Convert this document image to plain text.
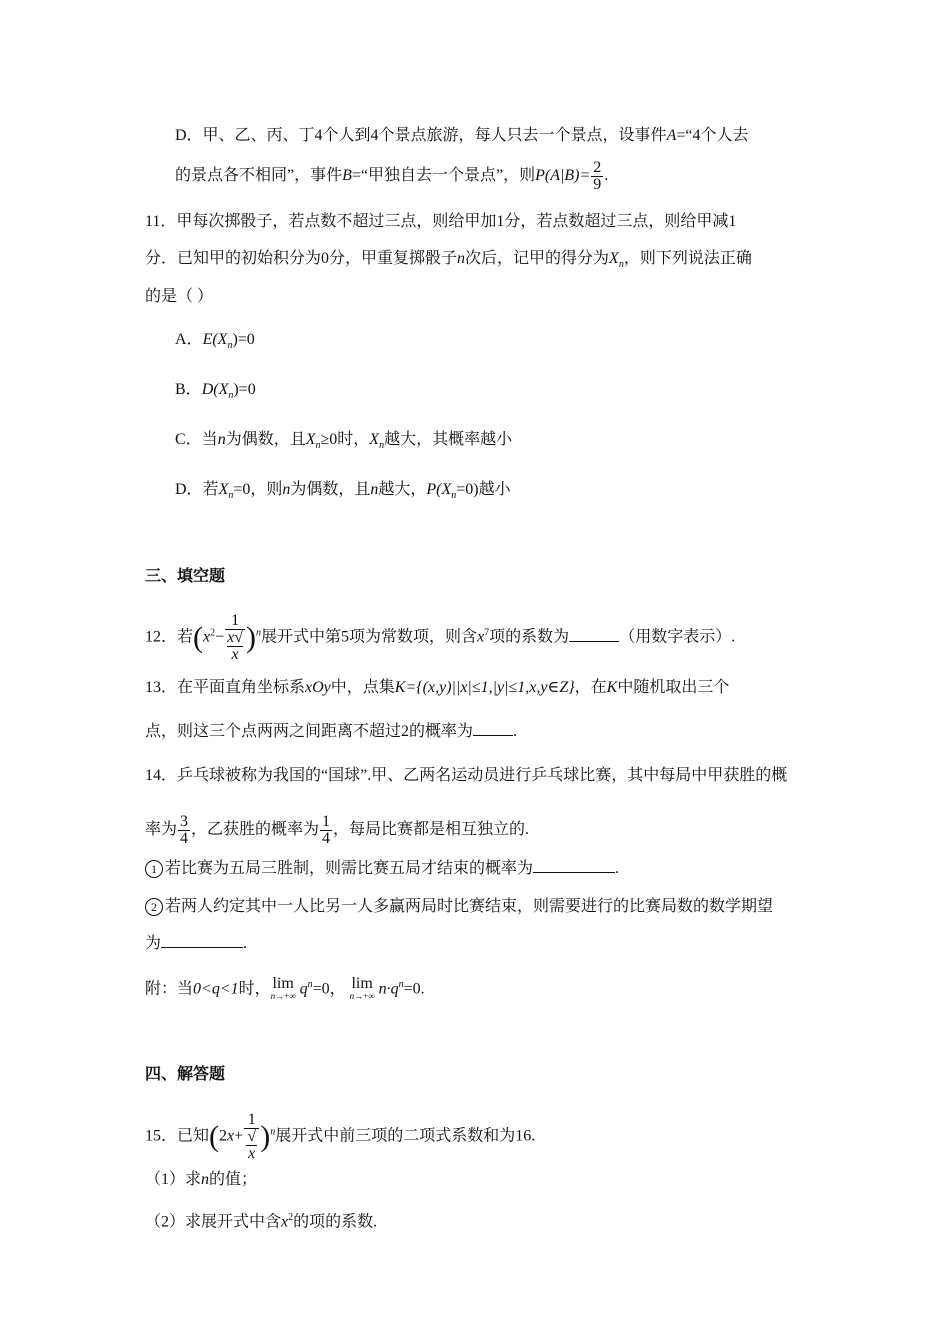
D．甲、乙、丙、丁4个人到4个景点旅游，每人只去一个景点，设事件A=“4个人去
的景点各不相同”，事件B=“甲独自去一个景点”，则$P(A|B)= \frac{2}{9}$ .
11．甲每次掷骰子，若点数不超过三点，则给甲加1分，若点数超过三点，则给甲减1
分．已知甲的初始积分为0分，甲重复掷骰子n次后，记甲的得分为$X_n$，则下列说法正确
的是（ ）
A．$E(X_n)=0$
B．$D(X_n)=0$
C．当n为偶数，且$X_n\ge 0$时，$X_n$越大，其概率越小
D．若$X_n=0$，则n为偶数，且n越大，$P(X_n=0)$越小
三、填空题
12．若($x^2- 1$
x√
x )$^n$展开式中第5项为常数项，则含$x^7$项的系数为	（用数字表示）.
13．在平面直角坐标系xOy中，点集K={(x,y)||x|≤1,|y|≤1,x,y∈Z}，在K中随机取出三个
点，则这三个点两两之间距离不超过2的概率为	.
14．乒乓球被称为我国的“国球”.甲、乙两名运动员进行乒乓球比赛，其中每局中甲获胜的概
率为 $\frac{3}{4}$ ，乙获胜的概率为 $\frac{1}{4}$ ，每局比赛都是相互独立的.
1 若比赛为五局三胜制，则需比赛五局才结束的概率为	.
2 若两人约定其中一人比另一人多赢两局时比赛结束，则需要进行的比赛局数的数学期望
为	.
附：当0<q<1时， lim
n→+∞ $q^n=0$， lim
n→+∞ $n\cdot q^n=0$.
四、解答题
15．已知(2x+ 1
√
x )$^n$展开式中前三项的二项式系数和为16.
（1）求n的值；
（2）求展开式中含$x^2$的项的系数.
